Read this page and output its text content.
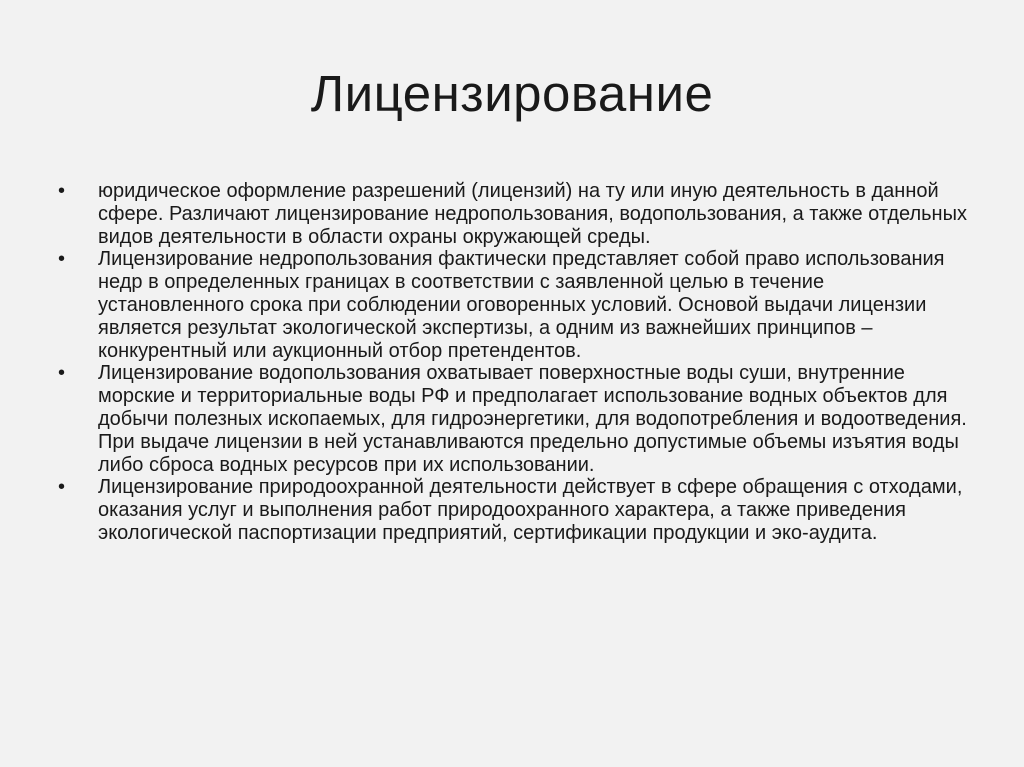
Лицензирование
•	юридическое оформление разрешений (лицензий) на ту или иную деятельность в данной сфере. Различают лицензирование недропользования, водопользования, а также отдельных видов деятельности в области охраны окружающей среды.
•	Лицензирование недропользования фактически представляет собой право использования недр в определенных границах в соответствии с заявленной целью в течение установленного срока при соблюдении оговоренных условий. Основой выдачи лицензии является результат экологической экспертизы, а одним из важнейших принципов – конкурентный или аукционный отбор претендентов.
•	Лицензирование водопользования охватывает поверхностные воды суши, внутренние морские и территориальные воды РФ и предполагает использование водных объектов для добычи полезных ископаемых, для гидроэнергетики, для водопотребления и водоотведения. При выдаче лицензии в ней устанавливаются предельно допустимые объемы изъятия воды либо сброса водных ресурсов при их использовании.
•	Лицензирование природоохранной деятельности действует в сфере обращения с отходами, оказания услуг и выполнения работ природоохранного характера, а также приведения экологической паспортизации предприятий, сертификации продукции и эко-аудита.
